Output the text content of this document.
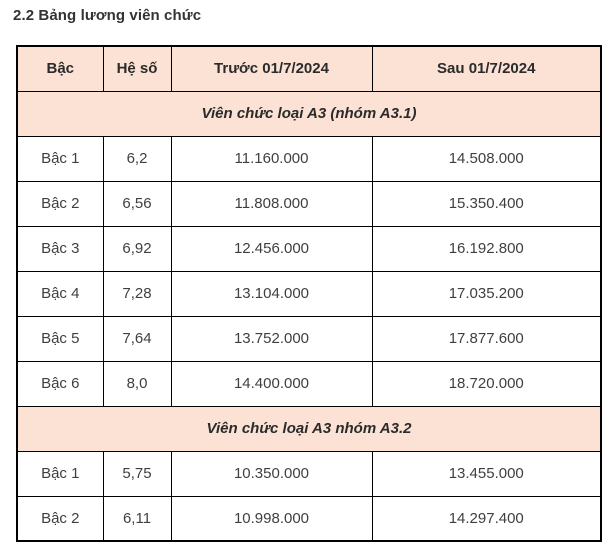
2.2 Bảng lương viên chức
Bậc	Hệ số	Trước 01/7/2024	Sau 01/7/2024
Viên chức loại A3 (nhóm A3.1)			
Bậc 1	6,2	11.160.000	14.508.000
Bậc 2	6,56	11.808.000	15.350.400
Bậc 3	6,92	12.456.000	16.192.800
Bậc 4	7,28	13.104.000	17.035.200
Bậc 5	7,64	13.752.000	17.877.600
Bậc 6	8,0	14.400.000	18.720.000
Viên chức loại A3 nhóm A3.2			
Bậc 1	5,75	10.350.000	13.455.000
Bậc 2	6,11	10.998.000	14.297.400
